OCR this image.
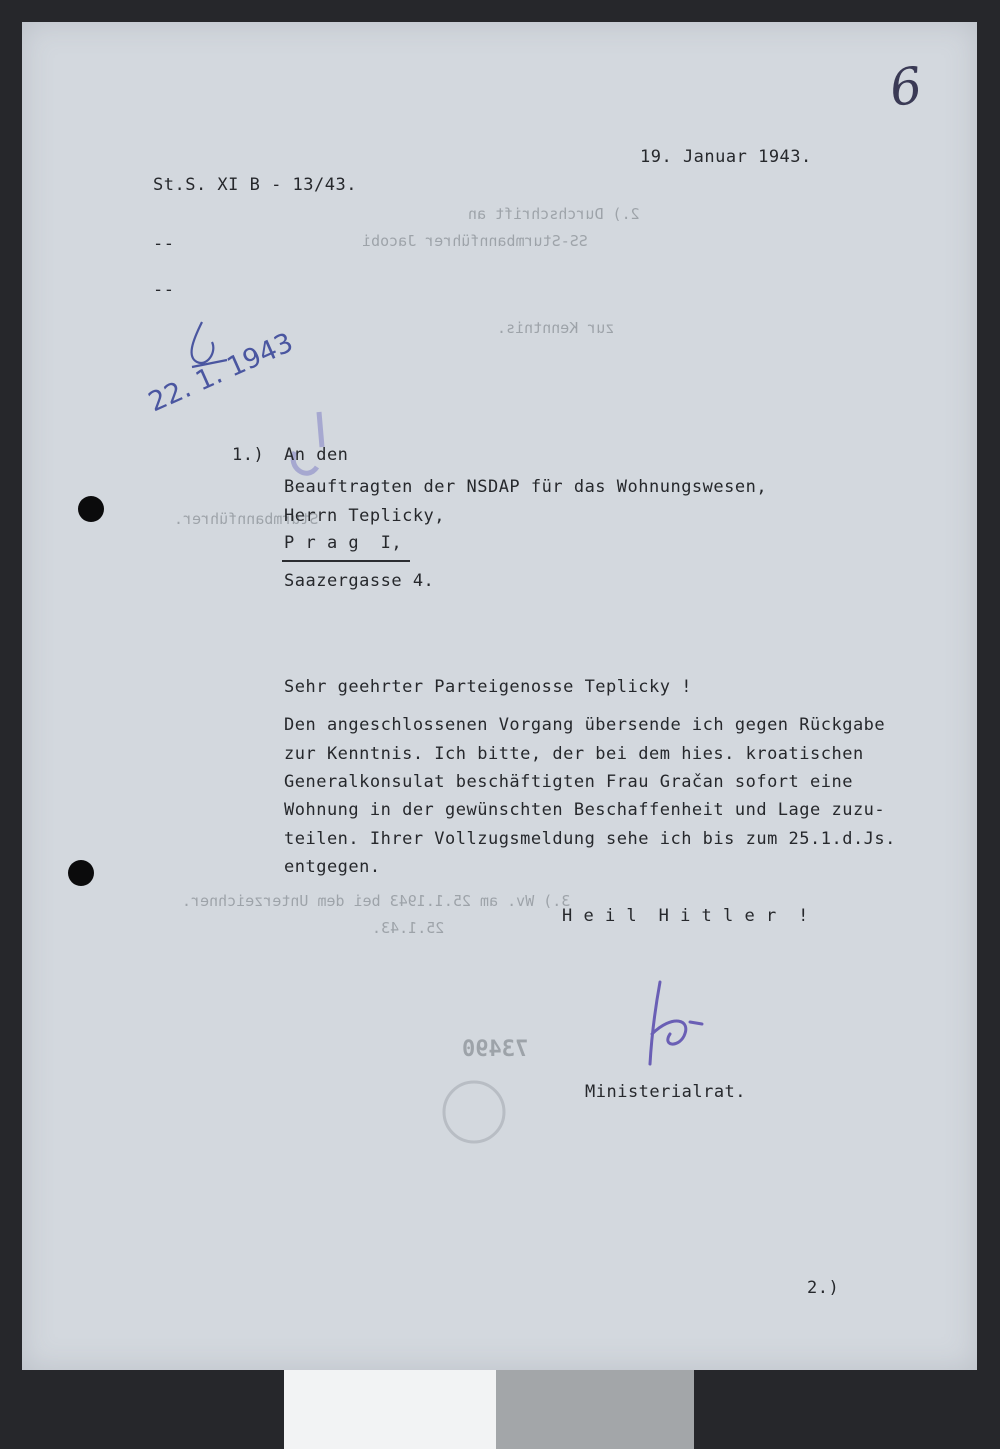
2.) Durchschrift an
SS-Sturmbannführer Jacobi
zur Kenntnis.
Sturmbannführer.
3.) Wv. am 25.1.1943 bei dem Unterzeichner.
25.1.43.
73490
6
19. Januar 1943.
St.S. XI B - 13/43.
--
--
22. 1. 1943
1.) An den
Beauftragten der NSDAP für das Wohnungswesen,
Herrn Teplicky,
P r a g  I,
Saazergasse 4.
Sehr geehrter Parteigenosse Teplicky !
Den angeschlossenen Vorgang übersende ich gegen Rückgabe
zur Kenntnis. Ich bitte, der bei dem hies. kroatischen
Generalkonsulat beschäftigten Frau Gračan sofort eine
Wohnung in der gewünschten Beschaffenheit und Lage zuzu-
teilen. Ihrer Vollzugsmeldung sehe ich bis zum 25.1.d.Js.
entgegen.
H e i l  H i t l e r  !
Ministerialrat.
2.)
